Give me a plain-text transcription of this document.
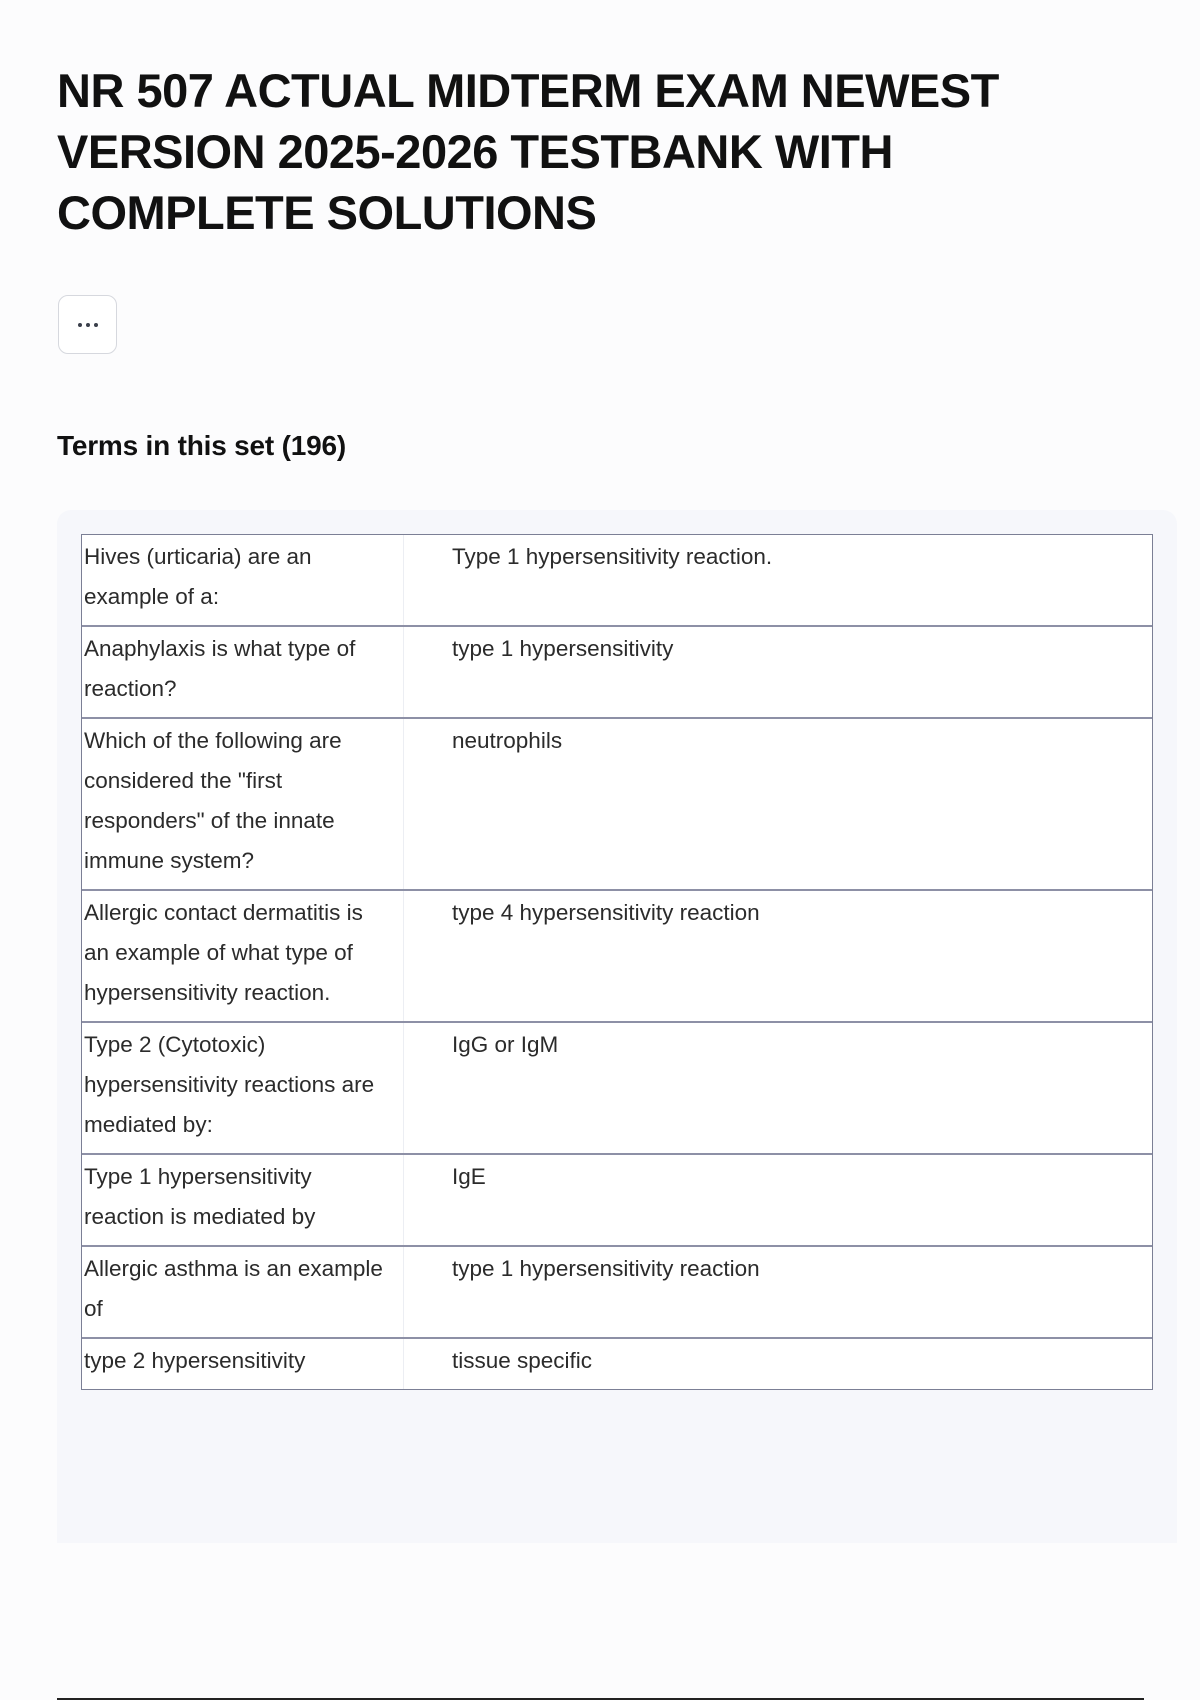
NR 507 ACTUAL MIDTERM EXAM NEWEST VERSION 2025-2026 TESTBANK WITH COMPLETE SOLUTIONS
Terms in this set (196)
Hives (urticaria) are an example of a:
Type 1 hypersensitivity reaction.
Anaphylaxis is what type of reaction?
type 1 hypersensitivity
Which of the following are considered the "first responders" of the innate immune system?
neutrophils
Allergic contact dermatitis is an example of what type of hypersensitivity reaction.
type 4 hypersensitivity reaction
Type 2 (Cytotoxic) hypersensitivity reactions are mediated by:
IgG or IgM
Type 1 hypersensitivity reaction is mediated by
IgE
Allergic asthma is an example of
type 1 hypersensitivity reaction
type 2 hypersensitivity	tissue specific
